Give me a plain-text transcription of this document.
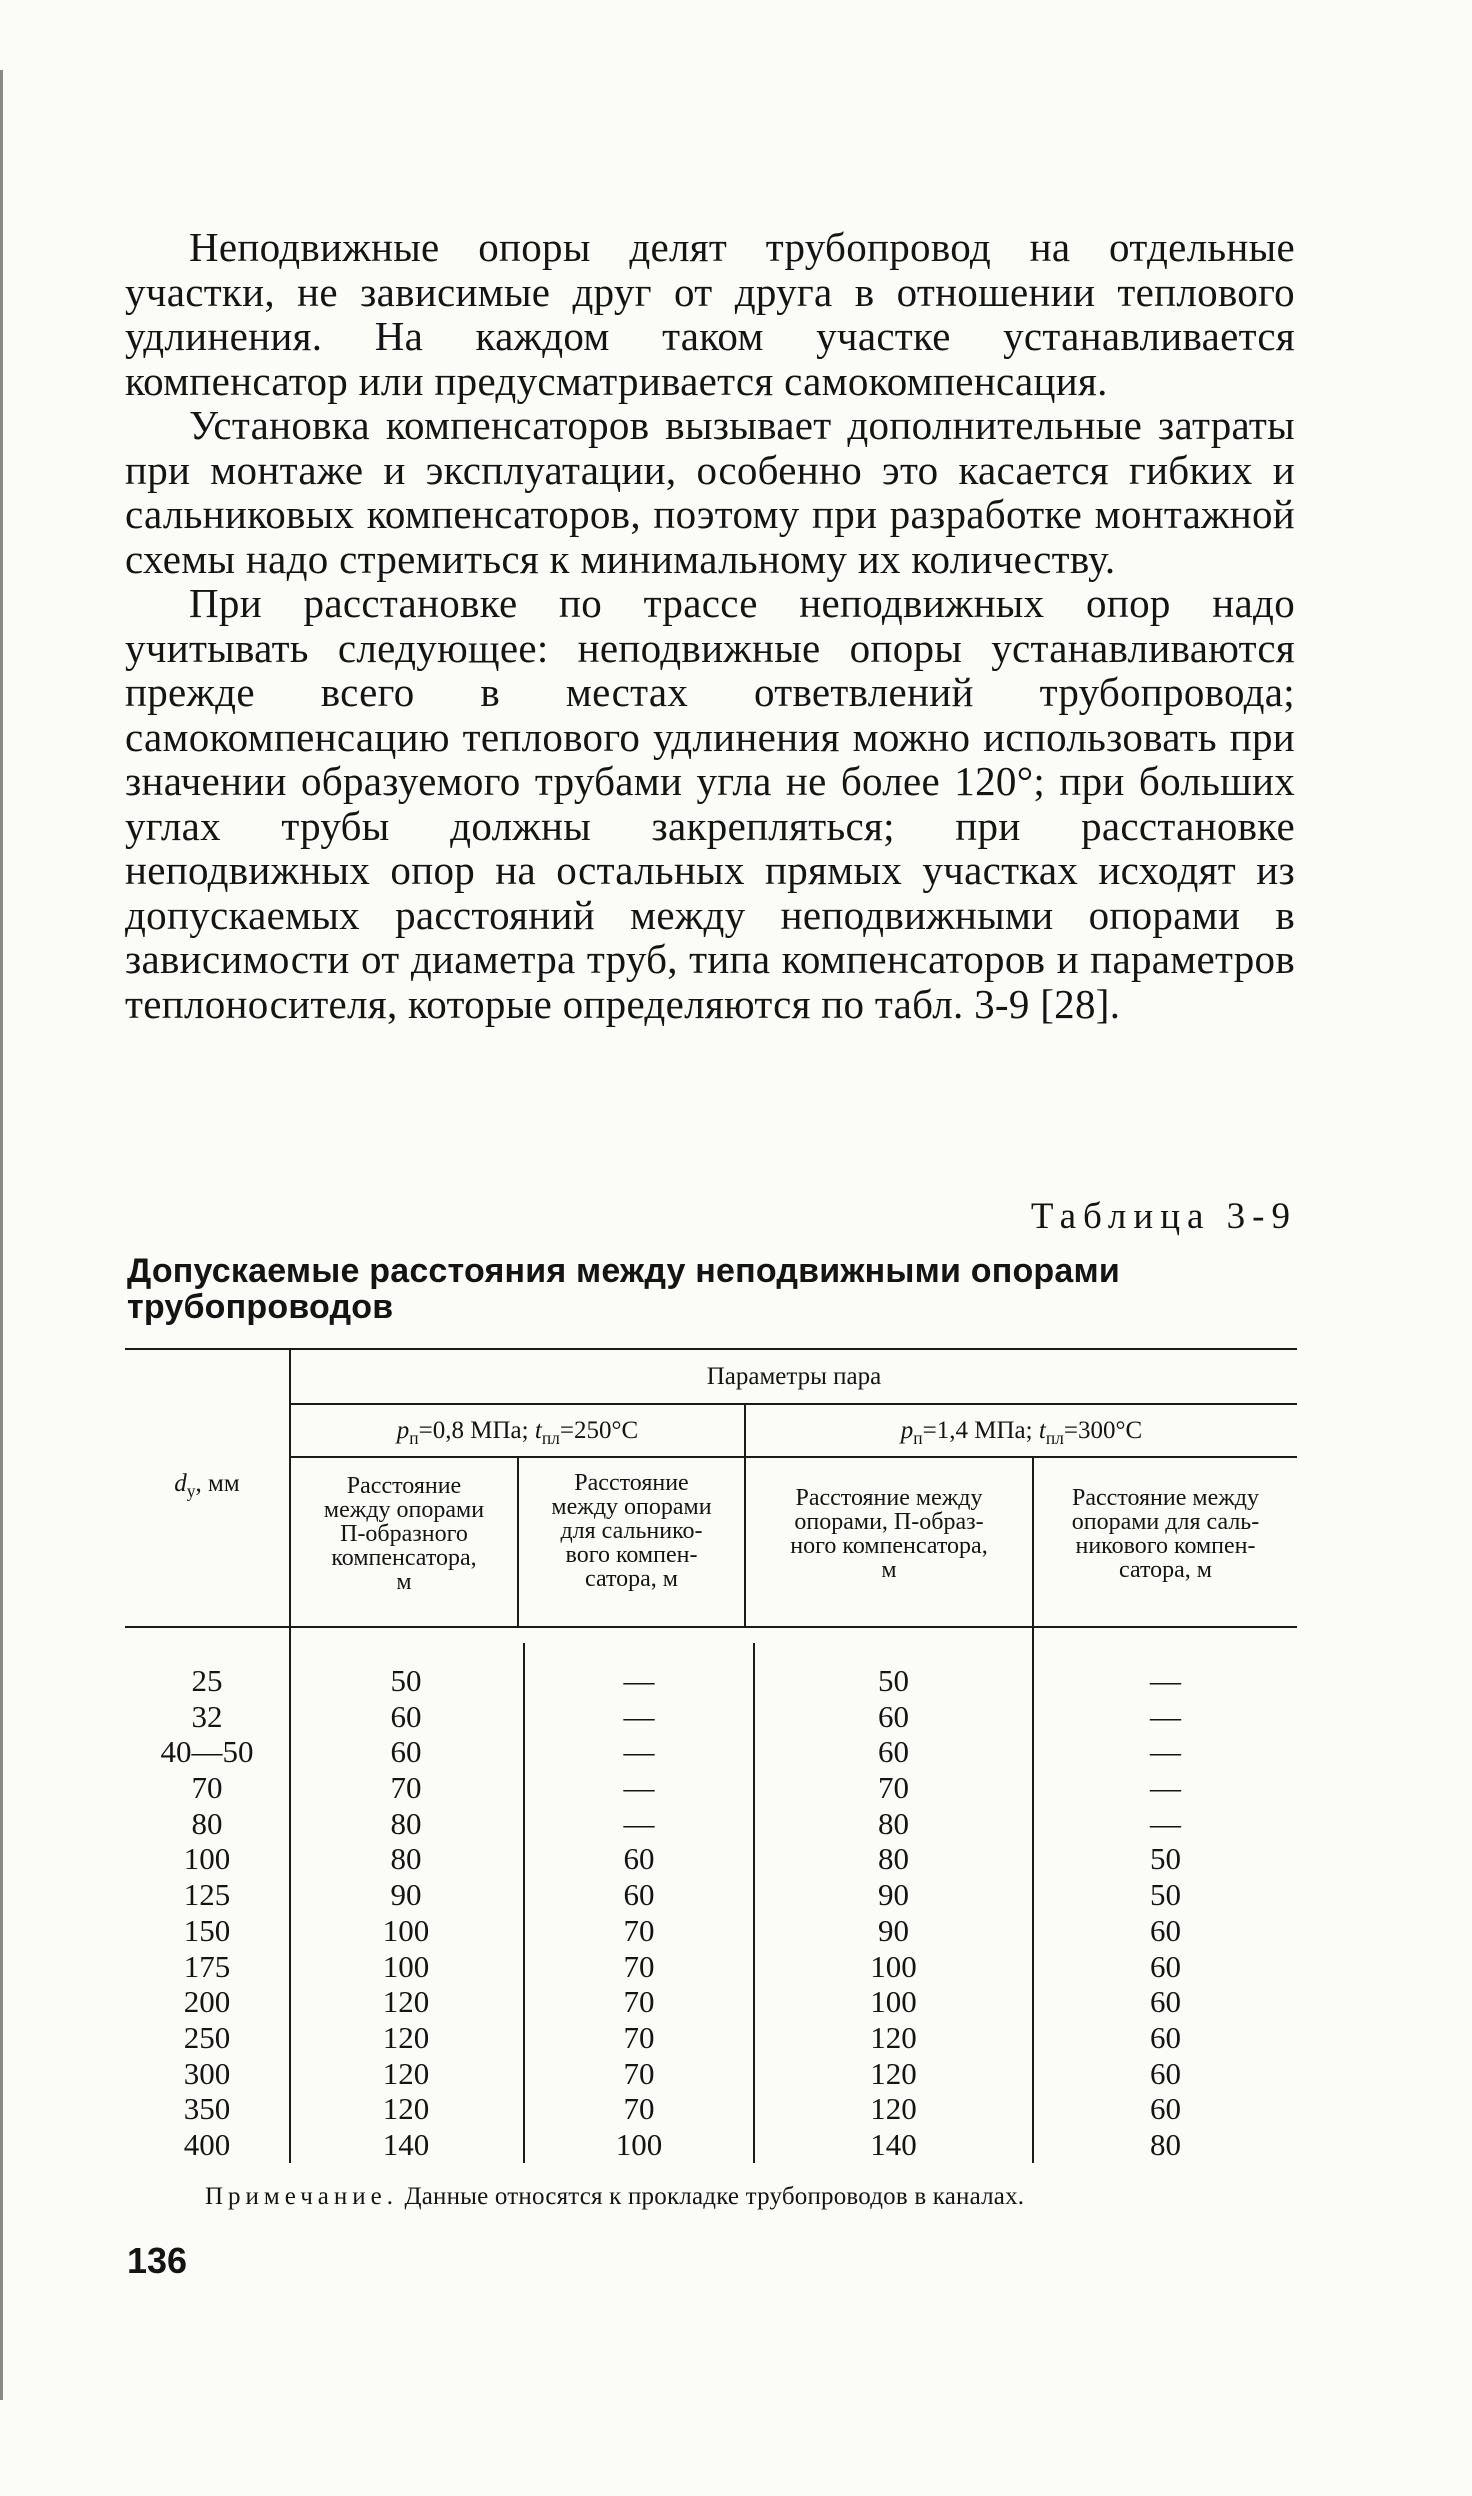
Неподвижные опоры делят трубопровод на отдельные участки, не зависимые друг от друга в отношении теплового удлинения. На каждом таком участке устанавливается компенсатор или предусматривается самокомпенсация.

Установка компенсаторов вызывает дополнительные затраты при монтаже и эксплуатации, особенно это касается гибких и сальниковых компенсаторов, поэтому при разработке монтажной схемы надо стремиться к минимальному их количеству.

При расстановке по трассе неподвижных опор надо учитывать следующее: неподвижные опоры устанавливаются прежде всего в местах ответвлений трубопровода; самокомпенсацию теплового удлинения можно использовать при значении образуемого трубами угла не более 120°; при больших углах трубы должны закрепляться; при расстановке неподвижных опор на остальных прямых участках исходят из допускаемых расстояний между неподвижными опорами в зависимости от диаметра труб, типа компенсаторов и параметров теплоносителя, которые определяются по табл. 3-9 [28].

Таблица 3-9
Допускаемые расстояния между неподвижными опорами трубопроводов
$d_у$, мм
Параметры пара
$p_п=0,8$ МПа; $t_{пл}=250^\circ С$	$p_п=1,4$ МПа; $t_{пл}=300^\circ С$
Расстояние
между опорами
П-образного
компенсатора,
м
Расстояние
между опорами
для сальнико-
вого компен-
сатора, м
Расстояние между
опорами, П-образ-
ного компенсатора,
м
Расстояние между
опорами для саль-
никового компен-
сатора, м
25
32
40—50
70
80
100
125
150
175
200
250
300
350
400
50
60
60
70
80
80
90
100
100
120
120
120
120
140
—
—
—
—
—
60
60
70
70
70
70
70
70
100
50
60
60
70
80
80
90
90
100
100
120
120
120
140
—
—
—
—
—
50
50
60
60
60
60
60
60
80
Примечание. Данные относятся к прокладке трубопроводов в каналах.
136
